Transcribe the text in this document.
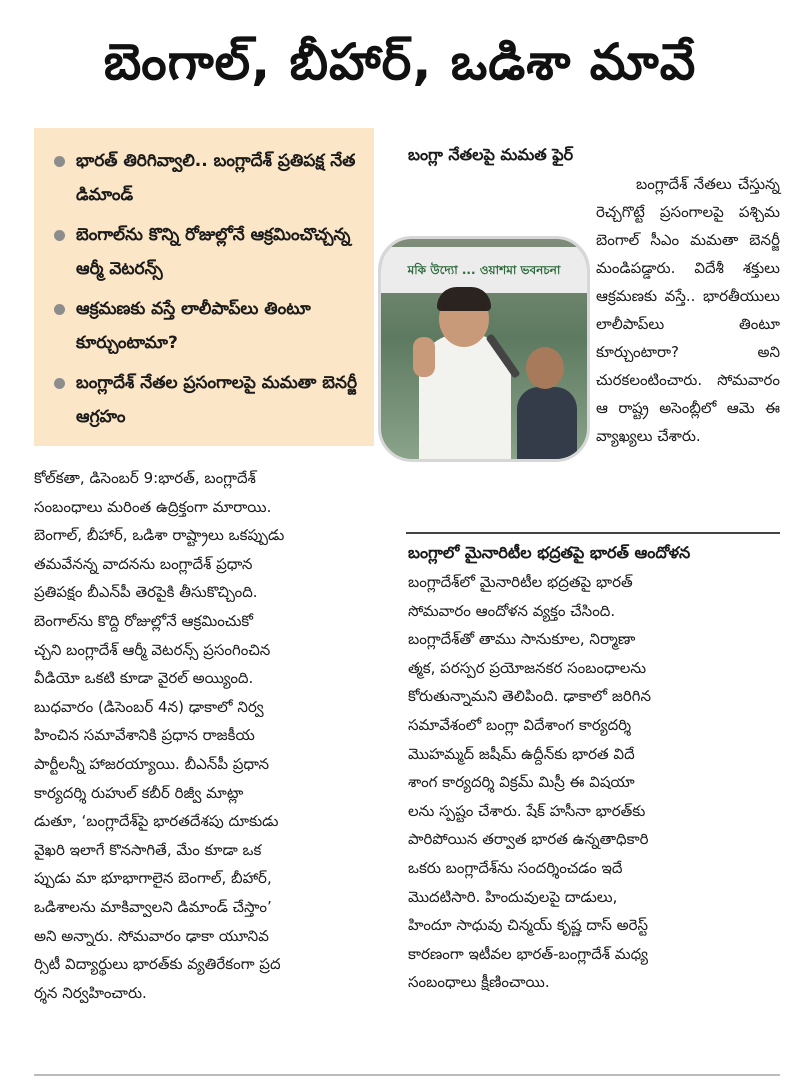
బెంగాల్, బీహార్, ఒడిశా మావే
భారత్ తిరిగివ్వాలి.. బంగ్లాదేశ్ ప్రతిపక్ష నేత డిమాండ్
బెంగాల్‌ను కొన్ని రోజుల్లోనే ఆక్రమించొచ్చన్న ఆర్మీ వెటరన్స్
ఆక్రమణకు వస్తే లాలీపాప్‌లు తింటూ కూర్చుంటామా?
బంగ్లాదేశ్ నేతల ప్రసంగాలపై మమతా బెనర్జీ ఆగ్రహం
బంగ్లా నేతలపై మమత ఫైర్
బంగ్లాదేశ్ నేతలు చేస్తున్న రెచ్చగొట్టే ప్రసంగాలపై పశ్చిమ బెంగాల్ సీఎం మమతా బెనర్జీ మండిపడ్డారు. విదేశీ శక్తులు ఆక్రమణకు వస్తే.. భారతీయులు లాలీపాప్‌లు తింటూ కూర్చుంటారా? అని చురకలంటించారు. సోమవారం ఆ రాష్ట్ర అసెంబ్లీలో ఆమె ఈ వ్యాఖ్యలు చేశారు.
মকি উদ্যো ... ওয়াশমা ভবনচনা
కోల్‌కతా, డిసెంబర్ 9:భారత్, బంగ్లాదేశ్
సంబంధాలు మరింత ఉద్రిక్తంగా మారాయి.
బెంగాల్, బీహార్, ఒడిశా రాష్ట్రాలు ఒకప్పుడు
తమవేనన్న వాదనను బంగ్లాదేశ్ ప్రధాన
ప్రతిపక్షం బీఎన్‌పీ తెరపైకి తీసుకొచ్చింది.
బెంగాల్‌ను కొద్ది రోజుల్లోనే ఆక్రమించుకో
చ్చని బంగ్లాదేశ్ ఆర్మీ వెటరన్స్ ప్రసంగించిన
వీడియో ఒకటి కూడా వైరల్ అయ్యింది.
బుధవారం (డిసెంబర్ 4న) ఢాకాలో నిర్వ
హించిన సమావేశానికి ప్రధాన రాజకీయ
పార్టీలన్నీ హాజరయ్యాయి. బీఎన్‌పీ ప్రధాన
కార్యదర్శి రుహుల్ కబీర్ రిజ్వీ మాట్లా
డుతూ, ‘బంగ్లాదేశ్‌పై భారతదేశపు దూకుడు
వైఖరి ఇలాగే కొనసాగితే, మేం కూడా ఒక
ప్పుడు మా భూభాగాలైన బెంగాల్, బీహార్,
ఒడిశాలను మాకివ్వాలని డిమాండ్ చేస్తాం’
అని అన్నారు. సోమవారం ఢాకా యూనివ
ర్సిటీ విద్యార్థులు భారత్‌కు వ్యతిరేకంగా ప్రద
ర్శన నిర్వహించారు.
బంగ్లాలో మైనారిటీల భద్రతపై భారత్ ఆందోళన
బంగ్లాదేశ్‌లో మైనారిటీల భద్రతపై భారత్
సోమవారం ఆందోళన వ్యక్తం చేసింది.
బంగ్లాదేశ్‌తో తాము సానుకూల, నిర్మాణా
త్మక, పరస్పర ప్రయోజనకర సంబంధాలను
కోరుతున్నామని తెలిపింది. ఢాకాలో జరిగిన
సమావేశంలో బంగ్లా విదేశాంగ కార్యదర్శి
మొహమ్మద్ జషీమ్ ఉద్దీన్‌కు భారత విదే
శాంగ కార్యదర్శి విక్రమ్ మిస్రీ ఈ విషయా
లను స్పష్టం చేశారు. షేక్ హసీనా భారత్‌కు
పారిపోయిన తర్వాత భారత ఉన్నతాధికారి
ఒకరు బంగ్లాదేశ్‌ను సందర్శించడం ఇదే
మొదటిసారి. హిందువులపై దాడులు,
హిందూ సాధువు చిన్మయ్ కృష్ణ దాస్ అరెస్ట్
కారణంగా ఇటీవల భారత్-బంగ్లాదేశ్ మధ్య
సంబంధాలు క్షీణించాయి.
